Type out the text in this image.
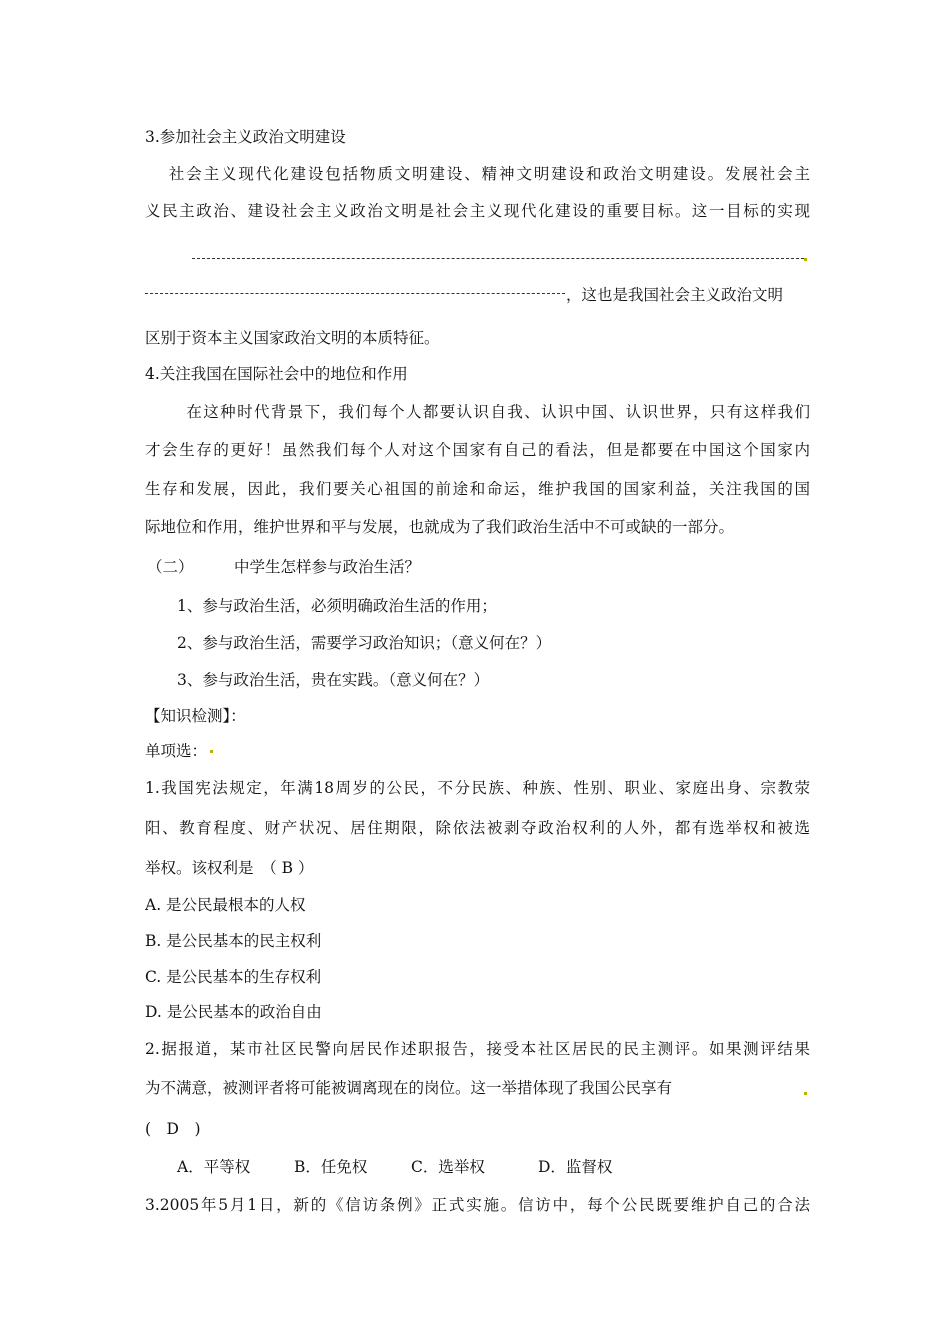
3.参加社会主义政治文明建设
社会主义现代化建设包括物质文明建设、精神文明建设和政治文明建设。发展社会主
义民主政治、建设社会主义政治文明是社会主义现代化建设的重要目标。这一目标的实现
，这也是我国社会主义政治文明
区别于资本主义国家政治文明的本质特征。
4.关注我国在国际社会中的地位和作用
在这种时代背景下，我们每个人都要认识自我、认识中国、认识世界，只有这样我们
才会生存的更好！虽然我们每个人对这个国家有自己的看法，但是都要在中国这个国家内
生存和发展，因此，我们要关心祖国的前途和命运，维护我国的国家利益，关注我国的国
际地位和作用，维护世界和平与发展，也就成为了我们政治生活中不可或缺的一部分。
（二）	中学生怎样参与政治生活？
1、参与政治生活，必须明确政治生活的作用；
2、参与政治生活，需要学习政治知识；（意义何在？）
3、参与政治生活，贵在实践。（意义何在？）
【知识检测】：
单项选：
1.我国宪法规定，年满18周岁的公民，不分民族、种族、性别、职业、家庭出身、宗教荥
阳、教育程度、财产状况、居住期限，除依法被剥夺政治权利的人外，都有选举权和被选
举权。该权利是　（ B ）
A. 是公民最根本的人权
B. 是公民基本的民主权利
C. 是公民基本的生存权利
D. 是公民基本的政治自由
2.据报道，某市社区民警向居民作述职报告，接受本社区居民的民主测评。如果测评结果
为不满意，被测评者将可能被调离现在的岗位。这一举措体现了我国公民享有
(　D　)
A．平等权	B．任免权	C．选举权	D．监督权
3.2005年5月1日，新的《信访条例》正式实施。信访中，每个公民既要维护自己的合法
